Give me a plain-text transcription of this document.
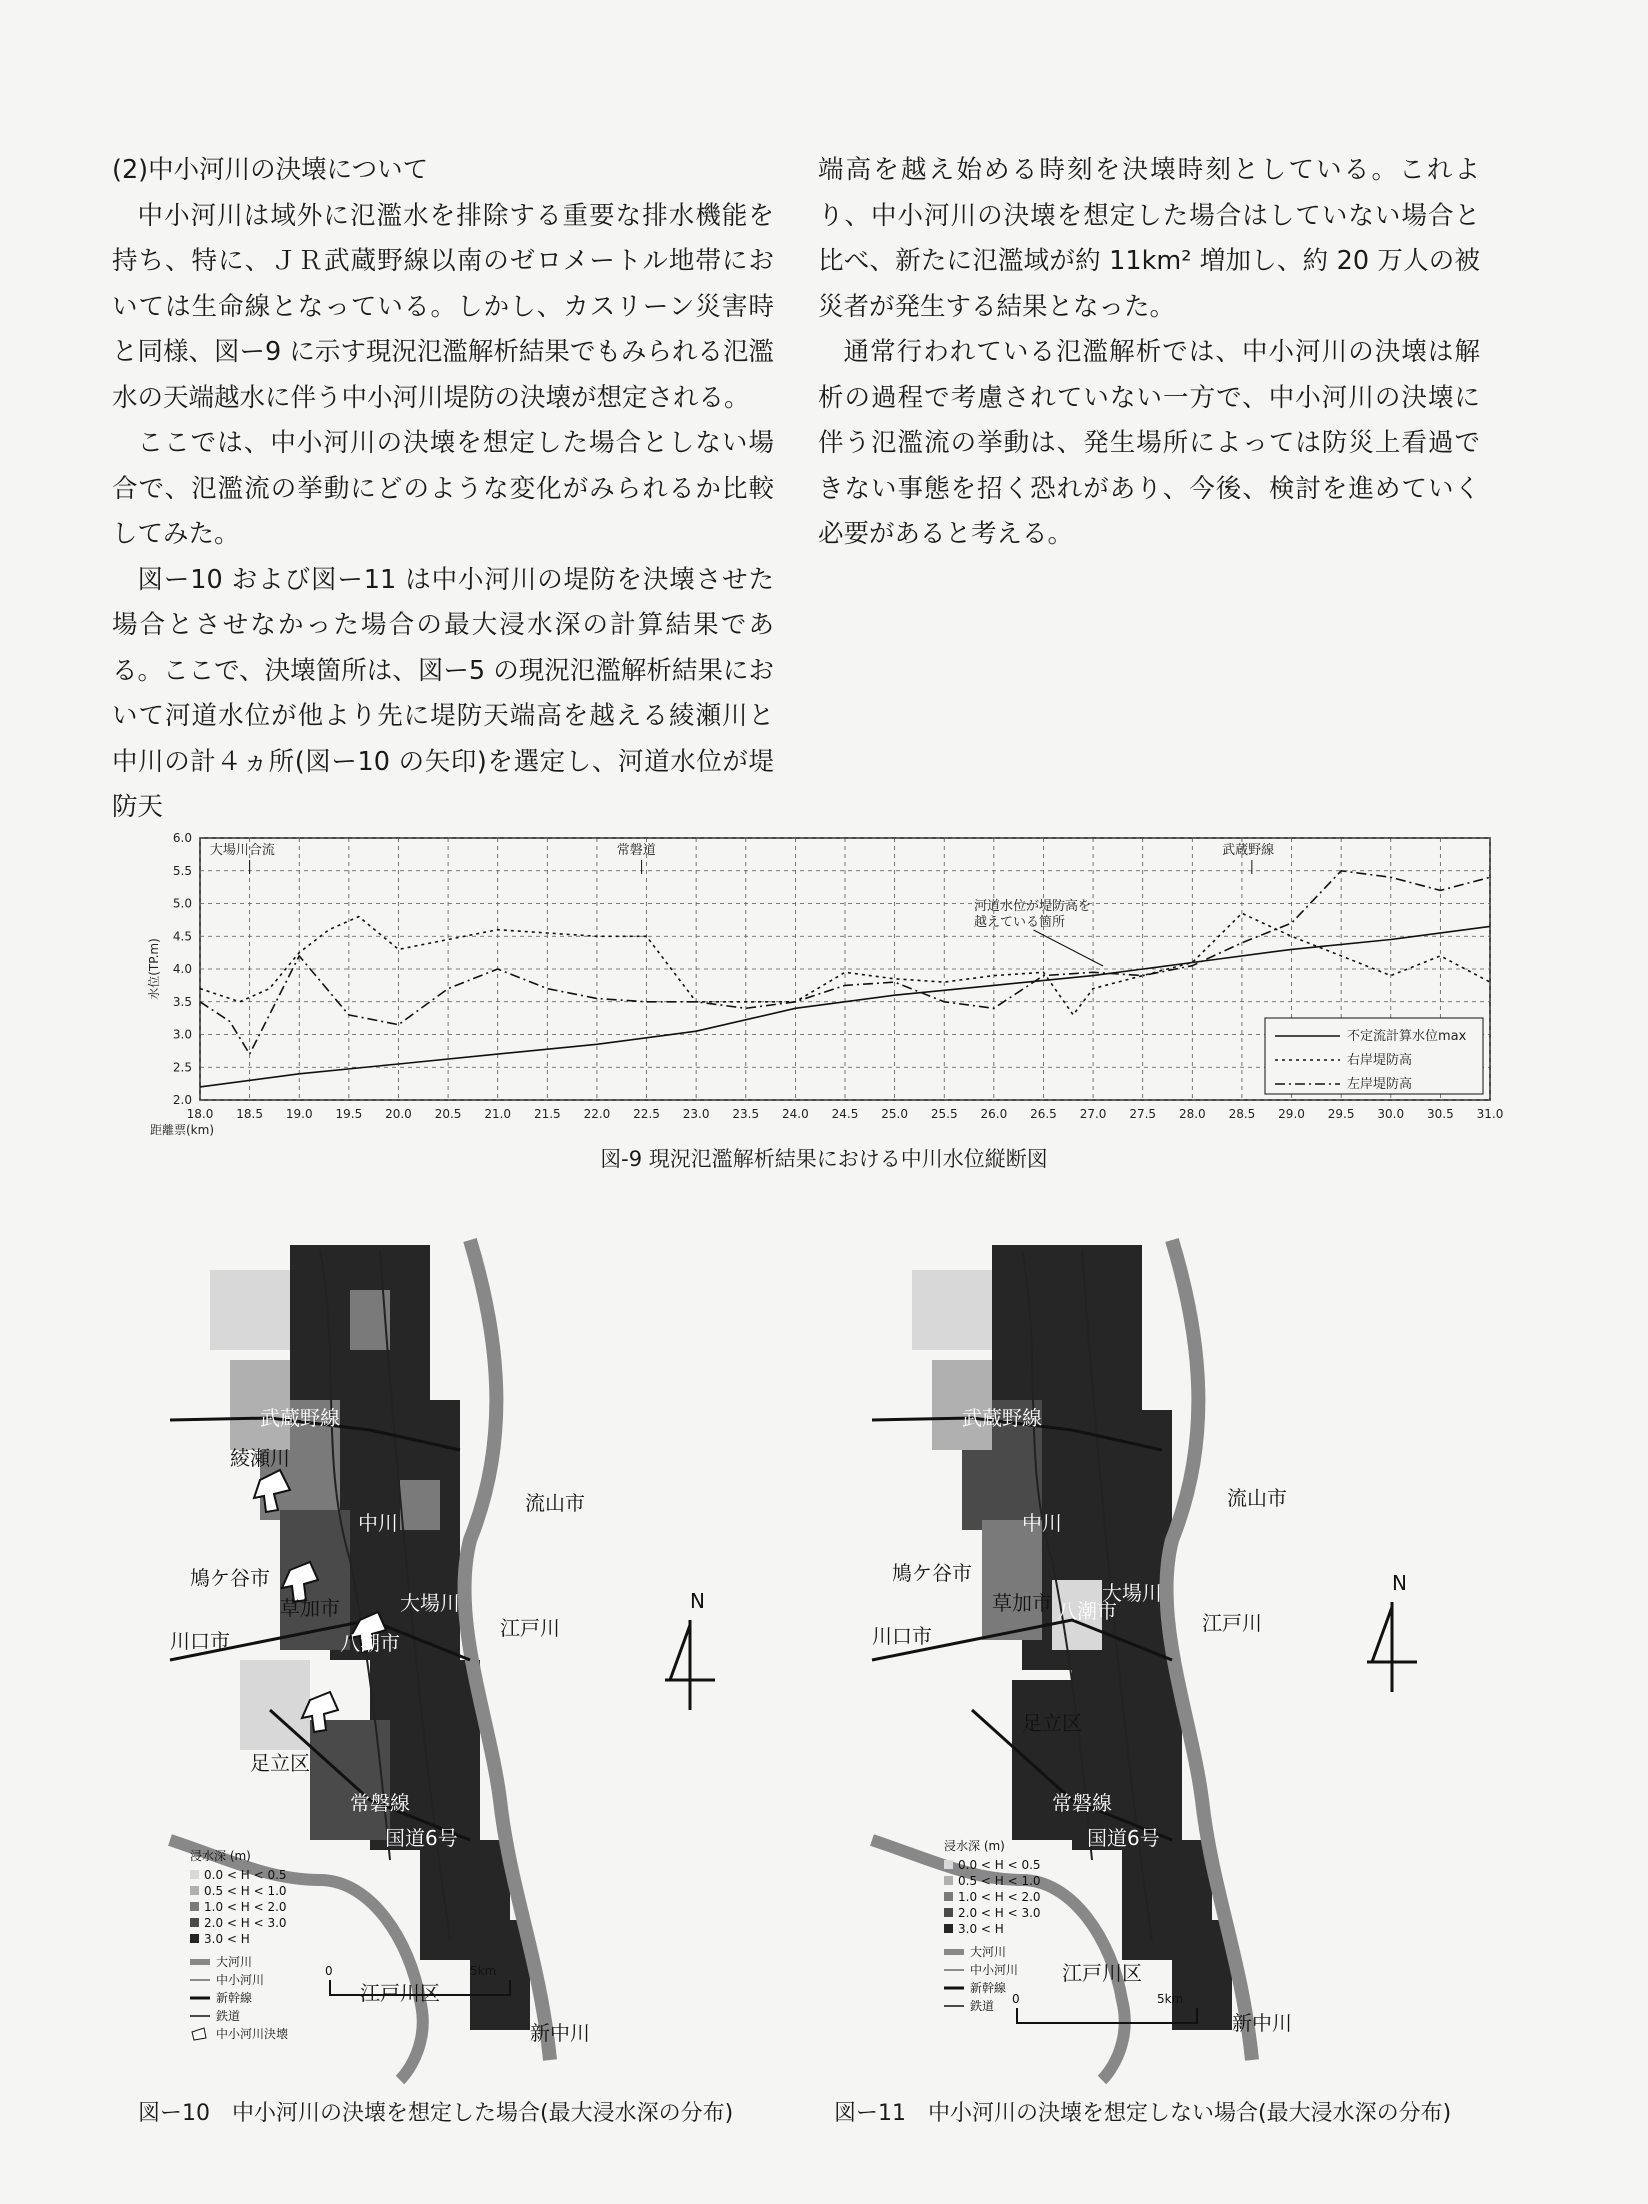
(2)中小河川の決壊について

中小河川は域外に氾濫水を排除する重要な排水機能を持ち、特に、ＪＲ武蔵野線以南のゼロメートル地帯においては生命線となっている。しかし、カスリーン災害時と同様、図ー9 に示す現況氾濫解析結果でもみられる氾濫水の天端越水に伴う中小河川堤防の決壊が想定される。

ここでは、中小河川の決壊を想定した場合としない場合で、氾濫流の挙動にどのような変化がみられるか比較してみた。

図ー10 および図ー11 は中小河川の堤防を決壊させた場合とさせなかった場合の最大浸水深の計算結果である。ここで、決壊箇所は、図ー5 の現況氾濫解析結果において河道水位が他より先に堤防天端高を越える綾瀬川と中川の計４ヵ所(図ー10 の矢印)を選定し、河道水位が堤防天

端高を越え始める時刻を決壊時刻としている。これより、中小河川の決壊を想定した場合はしていない場合と比べ、新たに氾濫域が約 11km² 増加し、約 20 万人の被災者が発生する結果となった。

通常行われている氾濫解析では、中小河川の決壊は解析の過程で考慮されていない一方で、中小河川の決壊に伴う氾濫流の挙動は、発生場所によっては防災上看過できない事態を招く恐れがあり、今後、検討を進めていく必要があると考える。

18.0 18.5 19.0 19.5 20.0 20.5 21.0 21.5 22.0 22.5 23.0 23.5 24.0 24.5 25.0 25.5 26.0 26.5 27.0 27.5 28.0 28.5 29.0 29.5 30.0 30.5 31.0
2.0
2.5
3.0
3.5
4.0
4.5
5.0
5.5
6.0
距離票(km)
水位(TP.m)
不定流計算水位max
右岸堤防高
左岸堤防高
大場川合流	常磐道	武蔵野線
河道水位が堤防高を
越えている箇所
図-9 現況氾濫解析結果における中川水位縦断図
武蔵野線
綾瀬川
中川
大場川
流山市
鳩ケ谷市
川口市
草加市
八潮市
江戸川
足立区
常磐線
国道6号
江戸川区
新中川
N
浸水深 (m)
0.0 < H < 0.5
0.5 < H < 1.0
1.0 < H < 2.0
2.0 < H < 3.0
3.0 < H
大河川
中小河川
新幹線
鉄道
中小河川決壊
0	5km
図ー10　中小河川の決壊を想定した場合(最大浸水深の分布)
武蔵野線
中川
大場川
流山市
鳩ケ谷市
川口市
草加市 八潮市	江戸川
足立区
常磐線
国道6号
江戸川区
新中川
N
浸水深 (m)
0.0 < H < 0.5
0.5 < H < 1.0
1.0 < H < 2.0
2.0 < H < 3.0
3.0 < H
大河川
中小河川
新幹線
鉄道 0	5km
図ー11　中小河川の決壊を想定しない場合(最大浸水深の分布)
